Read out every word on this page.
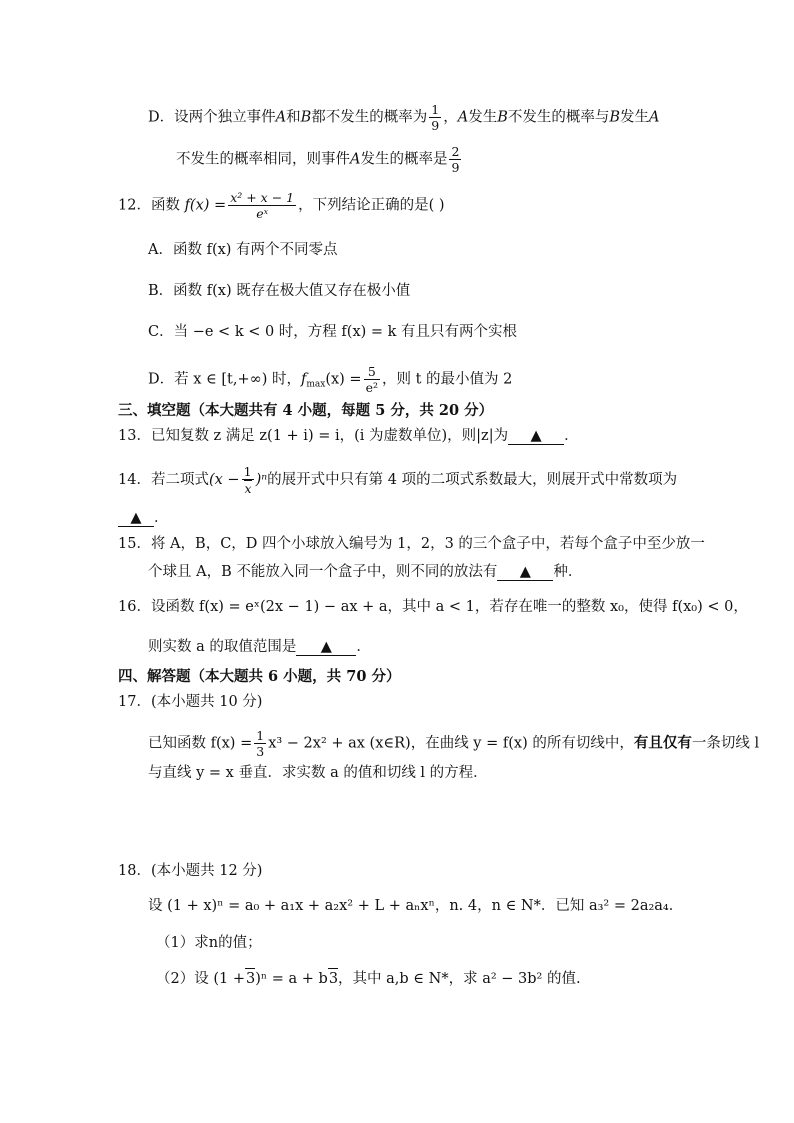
D．设两个独立事件A和B都不发生的概率为 $\frac{1}{9}$ ，A发生B不发生的概率与B发生A
不发生的概率相同，则事件A发生的概率是 $\frac{2}{9}$
12．函数 $f(x) = \frac{\text{x² + x − 1}}{\text{eˣ}}$ ，下列结论正确的是( )
A．函数 f(x) 有两个不同零点
B．函数 f(x) 既存在极大值又存在极小值
C．当 −e < k < 0 时，方程 f(x) = k 有且只有两个实根
D．若 x ∈ [t,+∞) 时，$f_{max}(x) = \frac{5}{\text{e²}}$ ，则 t 的最小值为 2
三、填空题（本大题共有 4 小题，每题 5 分，共 20 分）
13．已知复数 z 满足 z(1 + i) = i，(i 为虚数单位)，则|z|为 ▲ ．
14．若二项式$(x - \frac{1}{x} )^n$的展开式中只有第 4 项的二项式系数最大，则展开式中常数项为
▲ ．
15．将 A，B，C，D 四个小球放入编号为 1，2，3 的三个盒子中，若每个盒子中至少放一
个球且 A，B 不能放入同一个盒子中，则不同的放法有 ▲ 种．
16．设函数 f(x) = eˣ(2x − 1) − ax + a，其中 a < 1，若存在唯一的整数 x₀，使得 f(x₀) < 0，
则实数 a 的取值范围是 ▲ ．
四、解答题（本大题共 6 小题，共 70 分）
17．(本小题共 10 分)
已知函数 $f(x) = \frac{1}{3} x^3 - 2x^2$ + ax (x∈R)，在曲线 y = f(x) 的所有切线中，有且仅有一条切线 l
与直线 y = x 垂直．求实数 a 的值和切线 l 的方程．
18．(本小题共 12 分)
设 (1 + x)ⁿ = a₀ + a₁x + a₂x² + L + aₙxⁿ，n. 4，n ∈ N*．已知 a₃² = 2a₂a₄．
（1）求n的值；
（2）设 (1 +3)ⁿ = a + b3，其中 a,b ∈ N*，求 a² − 3b² 的值.
